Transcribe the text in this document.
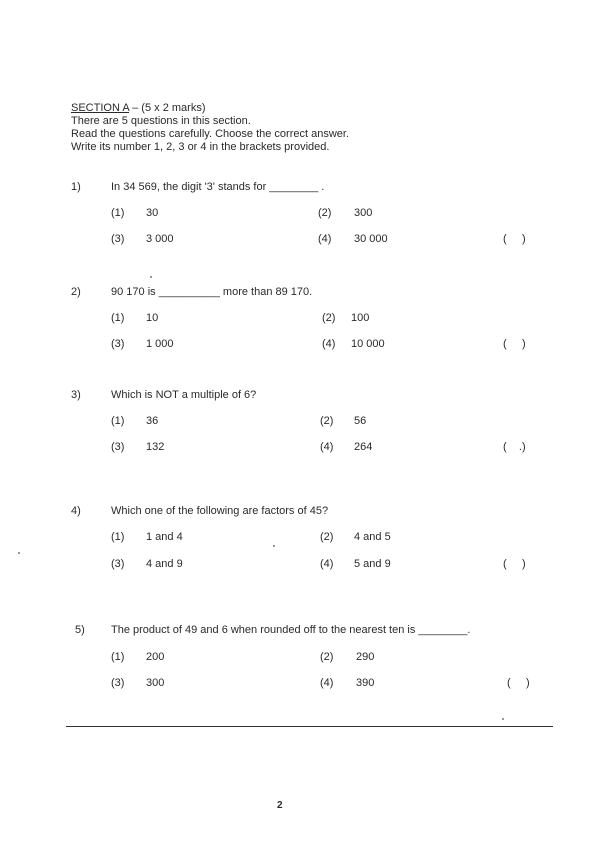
SECTION A – (5 x 2 marks)
There are 5 questions in this section.
Read the questions carefully. Choose the correct answer.
Write its number 1, 2, 3 or 4 in the brackets provided.
1)	In 34 569, the digit '3' stands for ________ .
(1) 30	(2) 300
(3) 3 000	(4) 30 000	(     )
2)	90 170 is __________ more than 89 170.
(1) 10	(2) 100
(3) 1 000	(4) 10 000	(     )
3)	Which is NOT a multiple of 6?
(1) 36	(2) 56
(3) 132	(4) 264	(    .)
4)	Which one of the following are factors of 45?
(1) 1 and 4	(2) 4 and 5
(3) 4 and 9	(4) 5 and 9	(     )
5) The product of 49 and 6 when rounded off to the nearest ten is ________.
(1) 200	(2) 290
(3) 300	(4) 390	(     )
2
